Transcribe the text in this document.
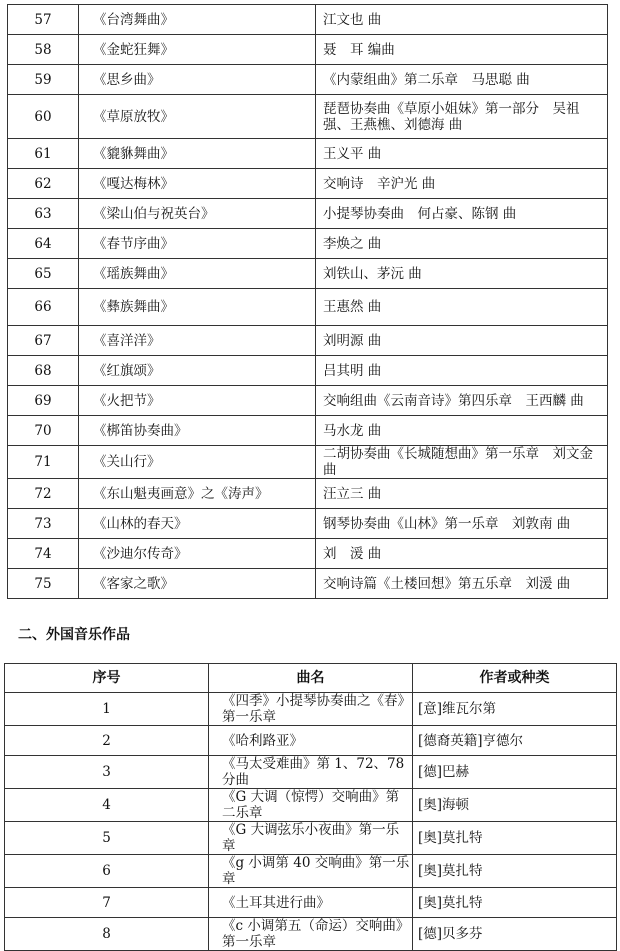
57	《台湾舞曲》	江文也 曲
58	《金蛇狂舞》	聂　耳 编曲
59	《思乡曲》	《内蒙组曲》第二乐章　马思聪 曲
60	《草原放牧》	琵琶协奏曲《草原小姐妹》第一部分　吴祖强、王燕樵、刘德海 曲
61	《貔貅舞曲》	王义平 曲
62	《嘎达梅林》	交响诗　辛沪光 曲
63	《梁山伯与祝英台》	小提琴协奏曲　何占豪、陈钢 曲
64	《春节序曲》	李焕之 曲
65	《瑶族舞曲》	刘铁山、茅沅 曲
66	《彝族舞曲》	王惠然 曲
67	《喜洋洋》	刘明源 曲
68	《红旗颂》	吕其明 曲
69	《火把节》	交响组曲《云南音诗》第四乐章　王西麟 曲
70	《梆笛协奏曲》	马水龙 曲
71	《关山行》	二胡协奏曲《长城随想曲》第一乐章　刘文金 曲
72	《东山魁夷画意》之《涛声》	汪立三 曲
73	《山林的春天》	钢琴协奏曲《山林》第一乐章　刘敦南 曲
74	《沙迪尔传奇》	刘　湲 曲
75	《客家之歌》	交响诗篇《土楼回想》第五乐章　刘湲 曲
二、外国音乐作品
序号	曲名	作者或种类
1	《四季》小提琴协奏曲之《春》第一乐章	[意]维瓦尔第
2	《哈利路亚》	[德裔英籍]亨德尔
3	《马太受难曲》第 1、72、78 分曲	[德]巴赫
4	《G 大调（惊愕）交响曲》第二乐章	[奥]海顿
5	《G 大调弦乐小夜曲》第一乐章	[奥]莫扎特
6	《g 小调第 40 交响曲》第一乐章	[奥]莫扎特
7	《土耳其进行曲》	[奥]莫扎特
8	《c 小调第五（命运）交响曲》第一乐章	[德]贝多芬
